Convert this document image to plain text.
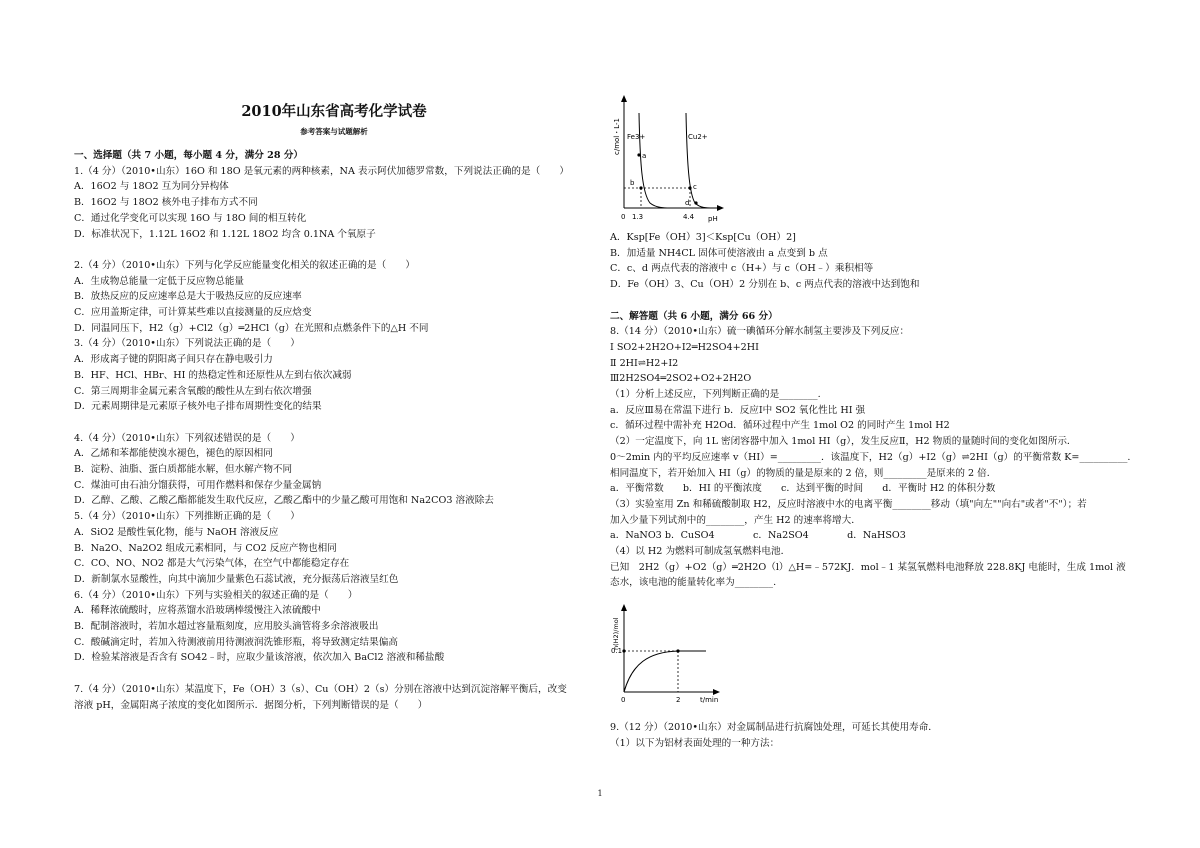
2010年山东省高考化学试卷
参考答案与试题解析
一、选择题（共 7 小题，每小题 4 分，满分 28 分）
1.（4 分）（2010•山东）16O 和 18O 是氧元素的两种核素，NA 表示阿伏加德罗常数，下列说法正确的是（　　）
A．16O2 与 18O2 互为同分异构体
B．16O2 与 18O2 核外电子排布方式不同
C．通过化学变化可以实现 16O 与 18O 间的相互转化
D．标准状况下，1.12L 16O2 和 1.12L 18O2 均含 0.1NA 个氧原子
2.（4 分）（2010•山东）下列与化学反应能量变化相关的叙述正确的是（　　）
A．生成物总能量一定低于反应物总能量
B．放热反应的反应速率总是大于吸热反应的反应速率
C．应用盖斯定律，可计算某些难以直接测量的反应焓变
D．同温同压下，H2（g）+Cl2（g）═2HCl（g）在光照和点燃条件下的△H 不同
3.（4 分）（2010•山东）下列说法正确的是（　　）
A．形成离子键的阴阳离子间只存在静电吸引力
B．HF、HCl、HBr、HI 的热稳定性和还原性从左到右依次减弱
C．第三周期非金属元素含氧酸的酸性从左到右依次增强
D．元素周期律是元素原子核外电子排布周期性变化的结果
4.（4 分）（2010•山东）下列叙述错误的是（　　）
A．乙烯和苯都能使溴水褪色，褪色的原因相同
B．淀粉、油脂、蛋白质都能水解，但水解产物不同
C．煤油可由石油分馏获得，可用作燃料和保存少量金属钠
D．乙醇、乙酸、乙酸乙酯都能发生取代反应，乙酸乙酯中的少量乙酸可用饱和 Na2CO3 溶液除去
5.（4 分）（2010•山东）下列推断正确的是（　　）
A．SiO2 是酸性氧化物，能与 NaOH 溶液反应
B．Na2O、Na2O2 组成元素相同，与 CO2 反应产物也相同
C．CO、NO、NO2 都是大气污染气体，在空气中都能稳定存在
D．新制氯水显酸性，向其中滴加少量紫色石蕊试液，充分振荡后溶液呈红色
6.（4 分）（2010•山东）下列与实验相关的叙述正确的是（　　）
A．稀释浓硫酸时，应将蒸馏水沿玻璃棒缓慢注入浓硫酸中
B．配制溶液时，若加水超过容量瓶刻度，应用胶头滴管将多余溶液吸出
C．酸碱滴定时，若加入待测液前用待测液润洗锥形瓶，将导致测定结果偏高
D．检验某溶液是否含有 SO42﹣时，应取少量该溶液，依次加入 BaCl2 溶液和稀盐酸
7.（4 分）（2010•山东）某温度下，Fe（OH）3（s）、Cu（OH）2（s）分别在溶液中达到沉淀溶解平衡后，改变
溶液 pH，金属阳离子浓度的变化如图所示．据图分析，下列判断错误的是（　　）
c/mol・L-1
pH
0 1.3	4.4
Fe3+	Cu2+
a
b	c
d
A．Ksp[Fe（OH）3]＜Ksp[Cu（OH）2]
B．加适量 NH4CL 固体可使溶液由 a 点变到 b 点
C．c、d 两点代表的溶液中 c（H+）与 c（OH﹣）乘积相等
D．Fe（OH）3、Cu（OH）2 分别在 b、c 两点代表的溶液中达到饱和
二、解答题（共 6 小题，满分 66 分）
8.（14 分）（2010•山东）硫一碘循环分解水制氢主要涉及下列反应：
Ⅰ SO2+2H2O+I2═H2SO4+2HI
Ⅱ 2HI⇌H2+I2
Ⅲ2H2SO4═2SO2+O2+2H2O
（1）分析上述反应，下列判断正确的是________.
a．反应Ⅲ易在常温下进行 b．反应Ⅰ中 SO2 氧化性比 HI 强
c．循环过程中需补充 H2Od．循环过程中产生 1mol O2 的同时产生 1mol H2
（2）一定温度下，向 1L 密闭容器中加入 1mol HI（g），发生反应Ⅱ，H2 物质的量随时间的变化如图所示．
0～2min 内的平均反应速率 v（HI）=_________．该温度下，H2（g）+I2（g）⇌2HI（g）的平衡常数 K=__________.
相同温度下，若开始加入 HI（g）的物质的量是原来的 2 倍，则_________是原来的 2 倍．
a．平衡常数　　b．HI 的平衡浓度　　c．达到平衡的时间　　d．平衡时 H2 的体积分数
（3）实验室用 Zn 和稀硫酸制取 H2，反应时溶液中水的电离平衡________移动（填"向左""向右"或者"不"）；若
加入少量下列试剂中的________，产生 H2 的速率将增大．
a．NaNO3 b．CuSO4　　　　c．Na2SO4　　　　d．NaHSO3
（4）以 H2 为燃料可制成氢氧燃料电池．
已知　2H2（g）+O2（g）═2H2O（l）△H=﹣572KJ．mol﹣1 某氢氧燃料电池释放 228.8KJ 电能时，生成 1mol 液
态水，该电池的能量转化率为________.
n(H2)/mol
t/min
0.1
0	2
9.（12 分）（2010•山东）对金属制品进行抗腐蚀处理，可延长其使用寿命．
（1）以下为铝材表面处理的一种方法：
1
